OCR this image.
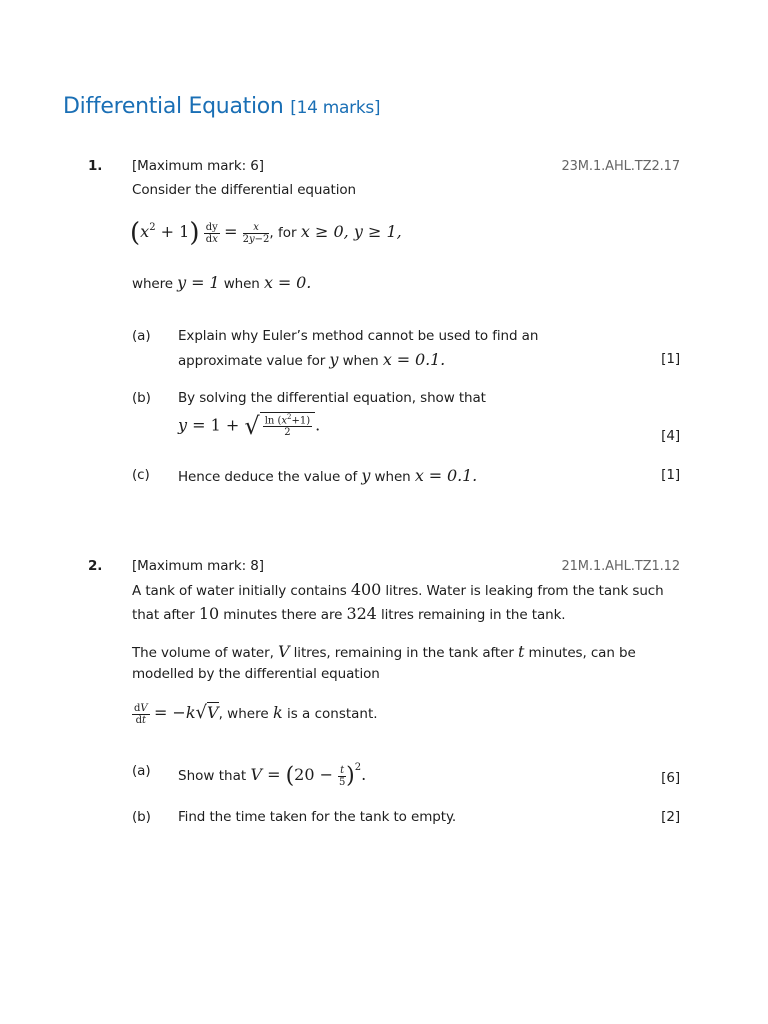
Differential Equation [14 marks]
1. [Maximum mark: 6]	23M.1.AHL.TZ2.17
Consider the differential equation
$(x^2 + 1) \frac{dy}{dx} = \frac{x}{2y-2}$ , for x ≥ 0, y ≥ 1,
where y = 1 when x = 0.
(a) Explain why Euler’s method cannot be used to find an
approximate value for y when x = 0.1.	[1]
(b) By solving the differential equation, show that
y = 1 + √ $\frac{\ln (x^2+1)}{2}$ .
[4]
(c) Hence deduce the value of y when x = 0.1.	[1]
2. [Maximum mark: 8]	21M.1.AHL.TZ1.12
A tank of water initially contains 400 litres. Water is leaking from the tank such
that after 10 minutes there are 324 litres remaining in the tank.
The volume of water, V litres, remaining in the tank after t minutes, can be
modelled by the differential equation
$\frac{dV}{dt} = -k√V$, where k is a constant.
(a) Show that $V = (20 - \frac{t}{5} )^2$.	[6]
(b) Find the time taken for the tank to empty.	[2]
